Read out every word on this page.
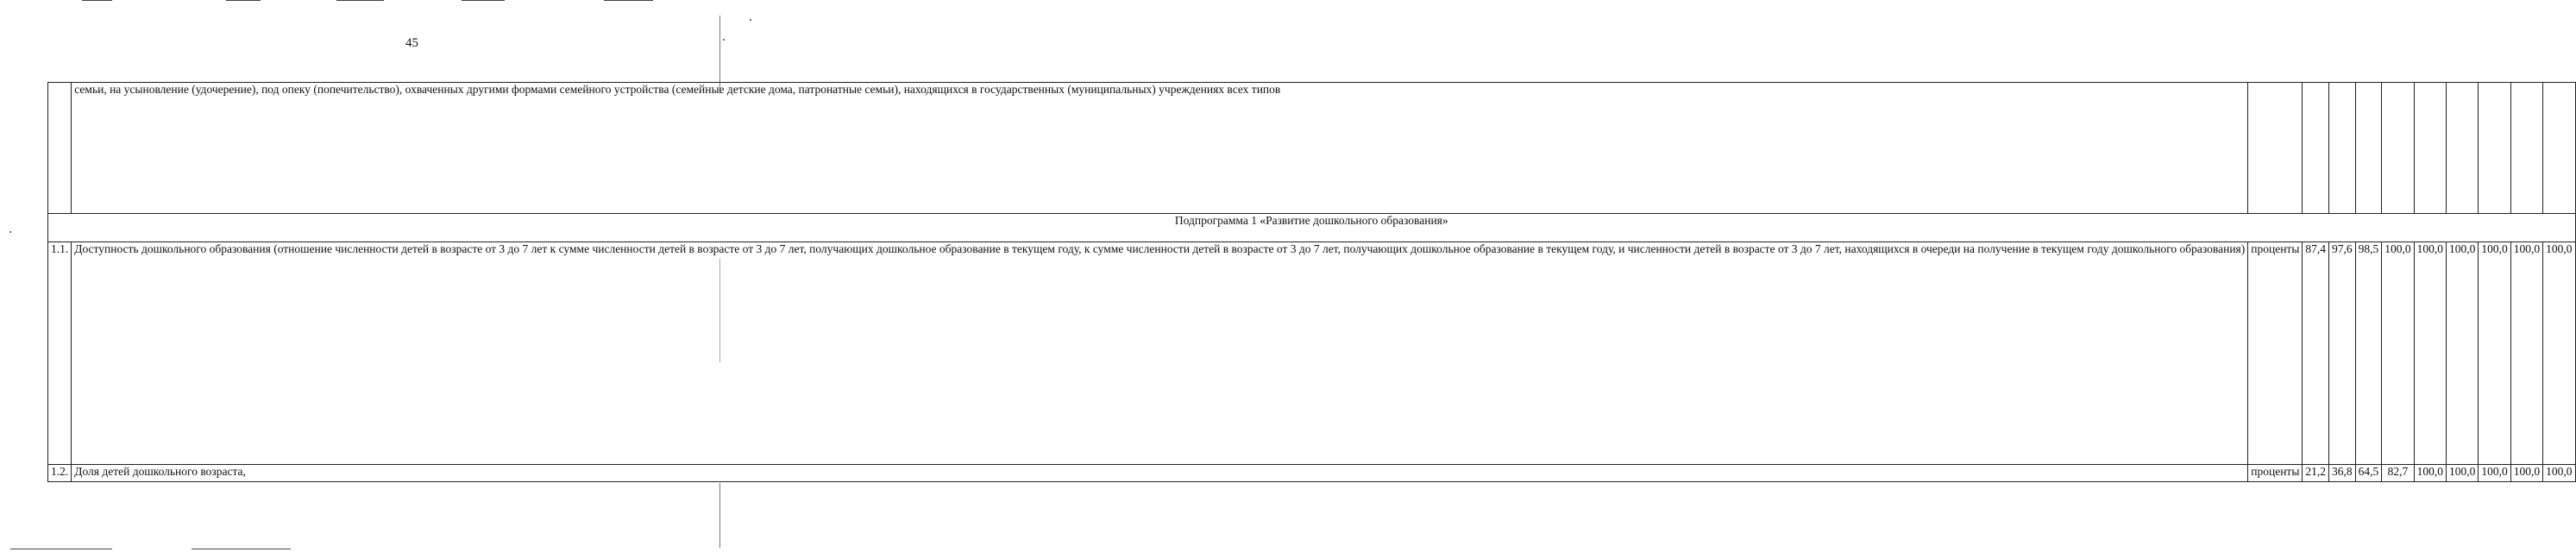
45
	семьи, на усыновление (удочерение), под опеку (попечительство), охваченных другими формами семейного устройства (семейные детские дома, патронатные семьи), находящихся в государственных (муниципальных) учреждениях всех типов										
Подпрограмма 1 «Развитие дошкольного образования»											
1.1.	Доступность дошкольного образования (отношение численности детей в возрасте от 3 до 7 лет к сумме численности детей в возрасте от 3 до 7 лет, получающих дошкольное образование в текущем году, к сумме численности детей в возрасте от 3 до 7 лет, получающих дошкольное образование в текущем году, и численности детей в возрасте от 3 до 7 лет, находящихся в очереди на получение в текущем году дошкольного образования)	проценты	87,4	97,6	98,5	100,0	100,0	100,0	100,0	100,0	100,0
1.2.	Доля детей дошкольного возраста,	проценты	21,2	36,8	64,5	82,7	100,0	100,0	100,0	100,0	100,0
